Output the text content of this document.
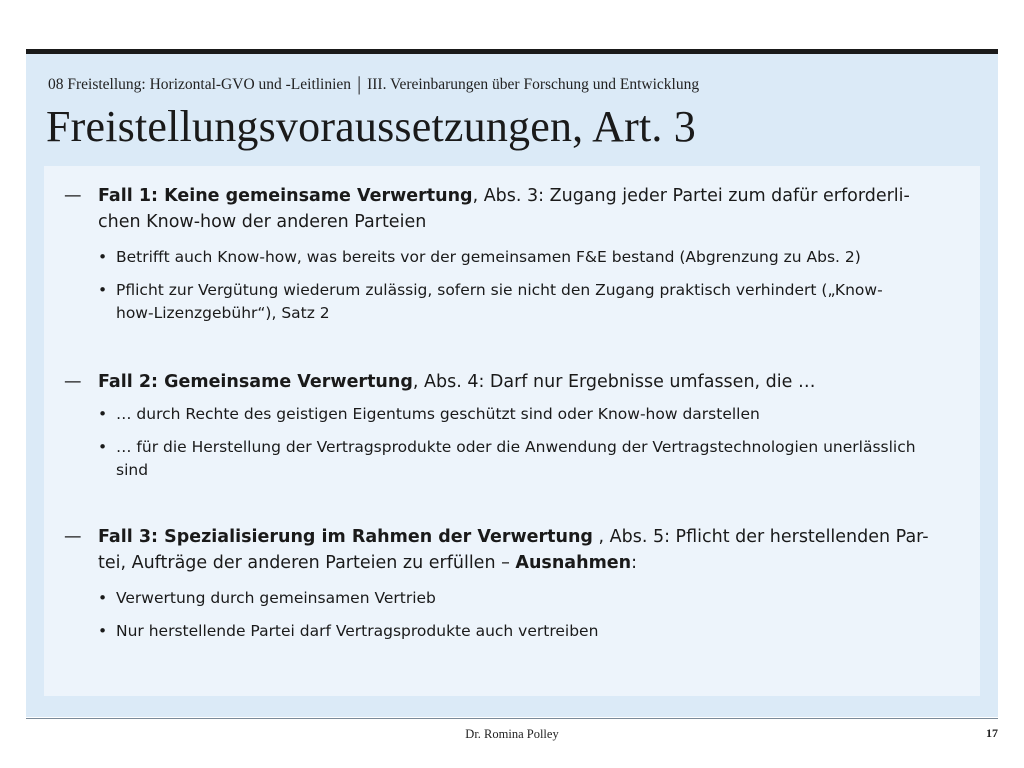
08 Freistellung: Horizontal-GVO und -Leitlinien | III. Vereinbarungen über Forschung und Entwicklung
Freistellungsvoraussetzungen, Art. 3
— Fall 1: Keine gemeinsame Verwertung, Abs. 3: Zugang jeder Partei zum dafür erforderli-
chen Know-how der anderen Parteien
• Betrifft auch Know-how, was bereits vor der gemeinsamen F&E bestand (Abgrenzung zu Abs. 2)
• Pflicht zur Vergütung wiederum zulässig, sofern sie nicht den Zugang praktisch verhindert („Know-
how-Lizenzgebühr“), Satz 2
— Fall 2: Gemeinsame Verwertung, Abs. 4: Darf nur Ergebnisse umfassen, die …
• … durch Rechte des geistigen Eigentums geschützt sind oder Know-how darstellen
• … für die Herstellung der Vertragsprodukte oder die Anwendung der Vertragstechnologien unerlässlich
sind
— Fall 3: Spezialisierung im Rahmen der Verwertung , Abs. 5: Pflicht der herstellenden Par-
tei, Aufträge der anderen Parteien zu erfüllen – Ausnahmen:
• Verwertung durch gemeinsamen Vertrieb
• Nur herstellende Partei darf Vertragsprodukte auch vertreiben
Dr. Romina Polley	17
